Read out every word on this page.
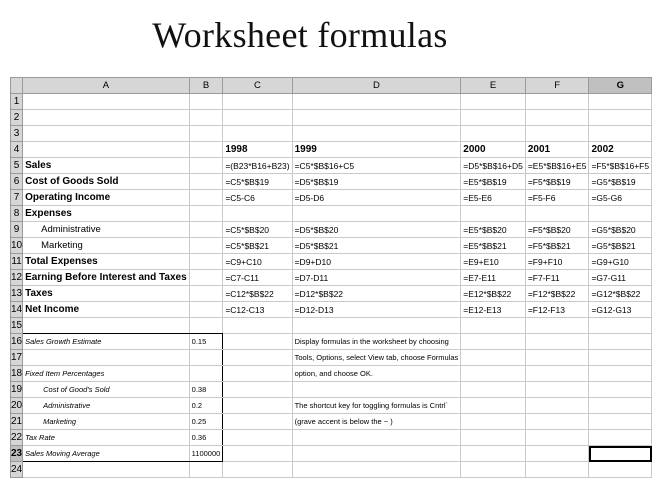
Worksheet formulas
	A	B	C	D	E	F	G
1							
2							
3							
4			1998	1999	2000	2001	2002
5	Sales		=(B23*B16+B23)	=C5*$B$16+C5	=D5*$B$16+D5	=E5*$B$16+E5	=F5*$B$16+F5
6	Cost of Goods Sold		=C5*$B$19	=D5*$B$19	=E5*$B$19	=F5*$B$19	=G5*$B$19
7	Operating Income		=C5-C6	=D5-D6	=E5-E6	=F5-F6	=G5-G6
8	Expenses						
9	Administrative		=C5*$B$20	=D5*$B$20	=E5*$B$20	=F5*$B$20	=G5*$B$20
10	Marketing		=C5*$B$21	=D5*$B$21	=E5*$B$21	=F5*$B$21	=G5*$B$21
11	Total Expenses		=C9+C10	=D9+D10	=E9+E10	=F9+F10	=G9+G10
12	Earning Before Interest and Taxes		=C7-C11	=D7-D11	=E7-E11	=F7-F11	=G7-G11
13	Taxes		=C12*$B$22	=D12*$B$22	=E12*$B$22	=F12*$B$22	=G12*$B$22
14	Net Income		=C12-C13	=D12-D13	=E12-E13	=F12-F13	=G12-G13
15							
16	Sales Growth Estimate	0.15		Display formulas in the worksheet by choosing			
17				Tools, Options, select View tab, choose Formulas			
18	Fixed Item Percentages			option, and choose OK.			
19	Cost of Good's Sold	0.38					
20	Administrative	0.2		The shortcut key for toggling formulas is Cntrl`			
21	Marketing	0.25		(grave accent is below the ~ )			
22	Tax Rate	0.36					
23	Sales Moving Average	1100000					
24							
